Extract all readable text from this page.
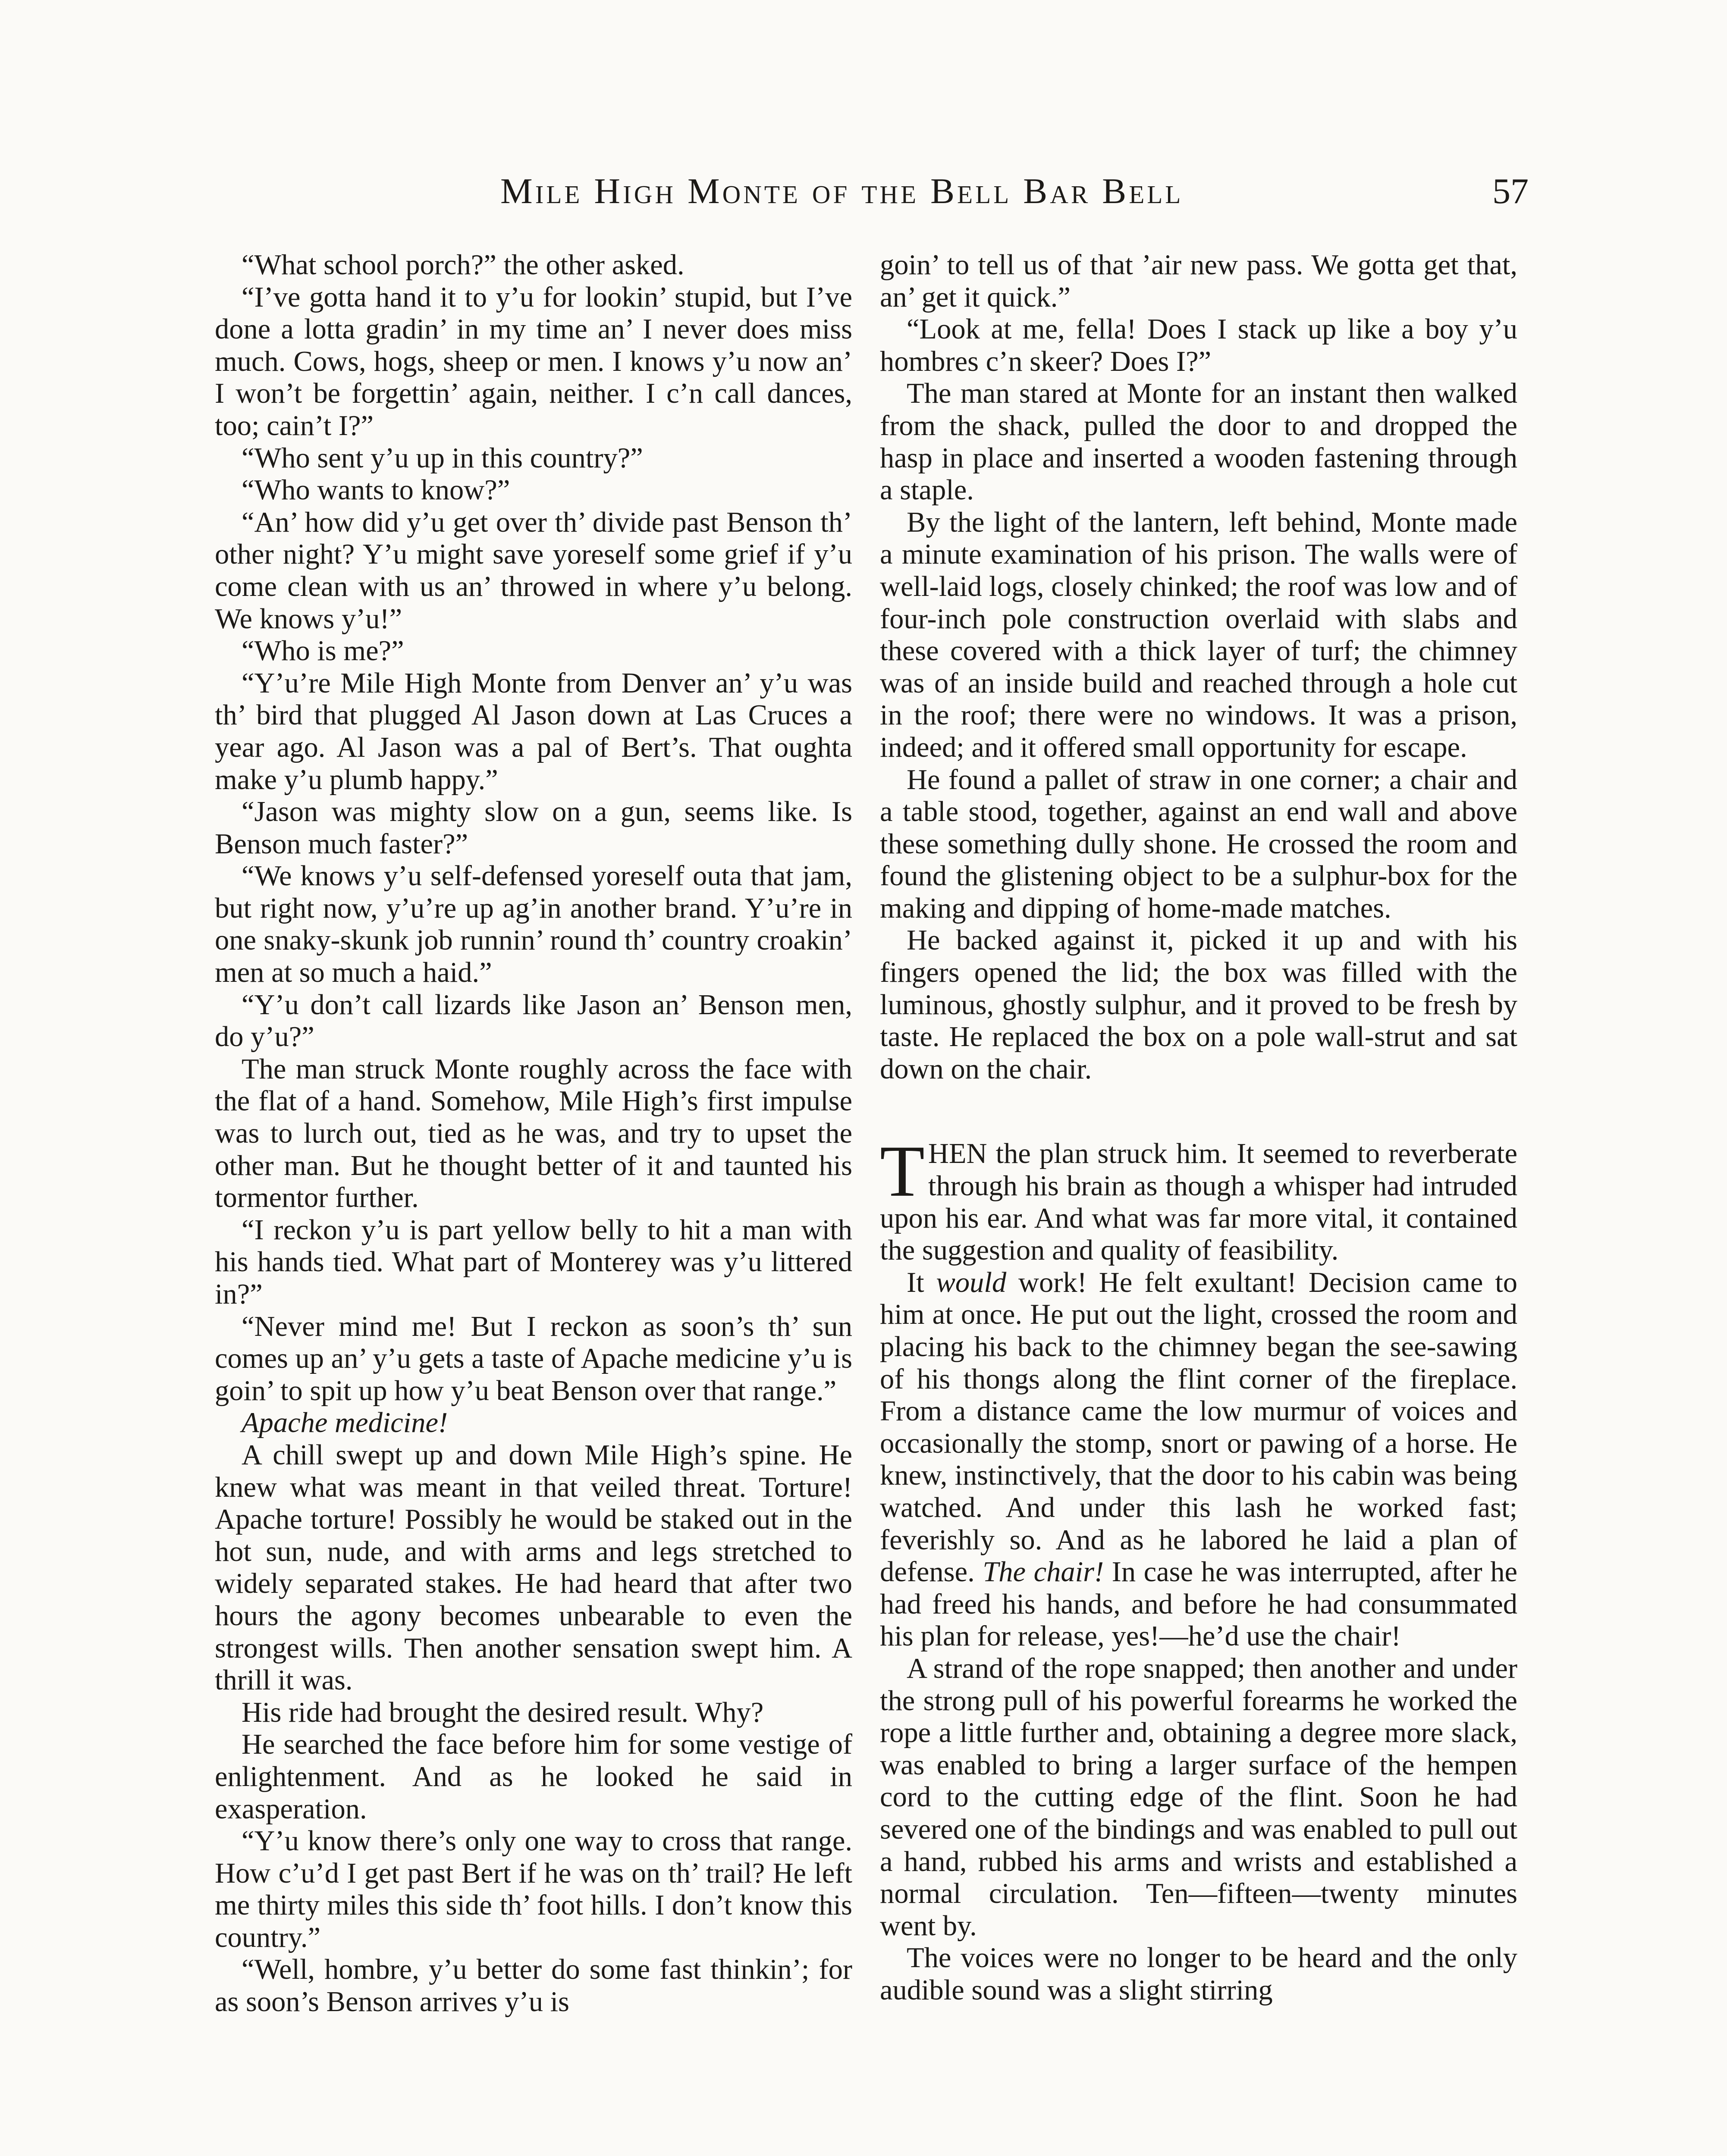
Mile High Monte of the Bell Bar Bell	57

“What school porch?” the other asked.

“I’ve gotta hand it to y’u for lookin’ stupid, but I’ve done a lotta gradin’ in my time an’ I never does miss much. Cows, hogs, sheep or men. I knows y’u now an’ I won’t be forgettin’ again, neither. I c’n call dances, too; cain’t I?”

“Who sent y’u up in this country?”

“Who wants to know?”

“An’ how did y’u get over th’ divide past Benson th’ other night? Y’u might save yoreself some grief if y’u come clean with us an’ throwed in where y’u belong. We knows y’u!”

“Who is me?”

“Y’u’re Mile High Monte from Denver an’ y’u was th’ bird that plugged Al Jason down at Las Cruces a year ago. Al Jason was a pal of Bert’s. That oughta make y’u plumb happy.”

“Jason was mighty slow on a gun, seems like. Is Benson much faster?”

“We knows y’u self-defensed yoreself outa that jam, but right now, y’u’re up ag’in another brand. Y’u’re in one snaky-skunk job runnin’ round th’ country croakin’ men at so much a haid.”

“Y’u don’t call lizards like Jason an’ Benson men, do y’u?”

The man struck Monte roughly across the face with the flat of a hand. Somehow, Mile High’s first impulse was to lurch out, tied as he was, and try to upset the other man. But he thought better of it and taunted his tormentor further.

“I reckon y’u is part yellow belly to hit a man with his hands tied. What part of Monterey was y’u littered in?”

“Never mind me! But I reckon as soon’s th’ sun comes up an’ y’u gets a taste of Apache medicine y’u is goin’ to spit up how y’u beat Benson over that range.”

Apache medicine!

A chill swept up and down Mile High’s spine. He knew what was meant in that veiled threat. Torture! Apache torture! Possibly he would be staked out in the hot sun, nude, and with arms and legs stretched to widely separated stakes. He had heard that after two hours the agony becomes unbearable to even the strongest wills. Then another sensation swept him. A thrill it was.

His ride had brought the desired result. Why?

He searched the face before him for some vestige of enlightenment. And as he looked he said in exasperation.

“Y’u know there’s only one way to cross that range. How c’u’d I get past Bert if he was on th’ trail? He left me thirty miles this side th’ foot hills. I don’t know this country.”

“Well, hombre, y’u better do some fast thinkin’; for as soon’s Benson arrives y’u is

goin’ to tell us of that ’air new pass. We gotta get that, an’ get it quick.”

“Look at me, fella! Does I stack up like a boy y’u hombres c’n skeer? Does I?”

The man stared at Monte for an instant then walked from the shack, pulled the door to and dropped the hasp in place and inserted a wooden fastening through a staple.

By the light of the lantern, left behind, Monte made a minute examination of his prison. The walls were of well-laid logs, closely chinked; the roof was low and of four-inch pole construction overlaid with slabs and these covered with a thick layer of turf; the chimney was of an inside build and reached through a hole cut in the roof; there were no windows. It was a prison, indeed; and it offered small opportunity for escape.

He found a pallet of straw in one corner; a chair and a table stood, together, against an end wall and above these something dully shone. He crossed the room and found the glistening object to be a sulphur-box for the making and dipping of home-made matches.

He backed against it, picked it up and with his fingers opened the lid; the box was filled with the luminous, ghostly sulphur, and it proved to be fresh by taste. He replaced the box on a pole wall-strut and sat down on the chair.

THEN the plan struck him. It seemed to reverberate through his brain as though a whisper had intruded upon his ear. And what was far more vital, it contained the suggestion and quality of feasibility.

It would work! He felt exultant! Decision came to him at once. He put out the light, crossed the room and placing his back to the chimney began the see-sawing of his thongs along the flint corner of the fireplace. From a distance came the low murmur of voices and occasionally the stomp, snort or pawing of a horse. He knew, instinctively, that the door to his cabin was being watched. And under this lash he worked fast; feverishly so. And as he labored he laid a plan of defense. The chair! In case he was interrupted, after he had freed his hands, and before he had consummated his plan for release, yes!—he’d use the chair!

A strand of the rope snapped; then another and under the strong pull of his powerful forearms he worked the rope a little further and, obtaining a degree more slack, was enabled to bring a larger surface of the hempen cord to the cutting edge of the flint. Soon he had severed one of the bindings and was enabled to pull out a hand, rubbed his arms and wrists and established a normal circulation. Ten—fifteen—twenty minutes went by.

The voices were no longer to be heard and the only audible sound was a slight stirring
